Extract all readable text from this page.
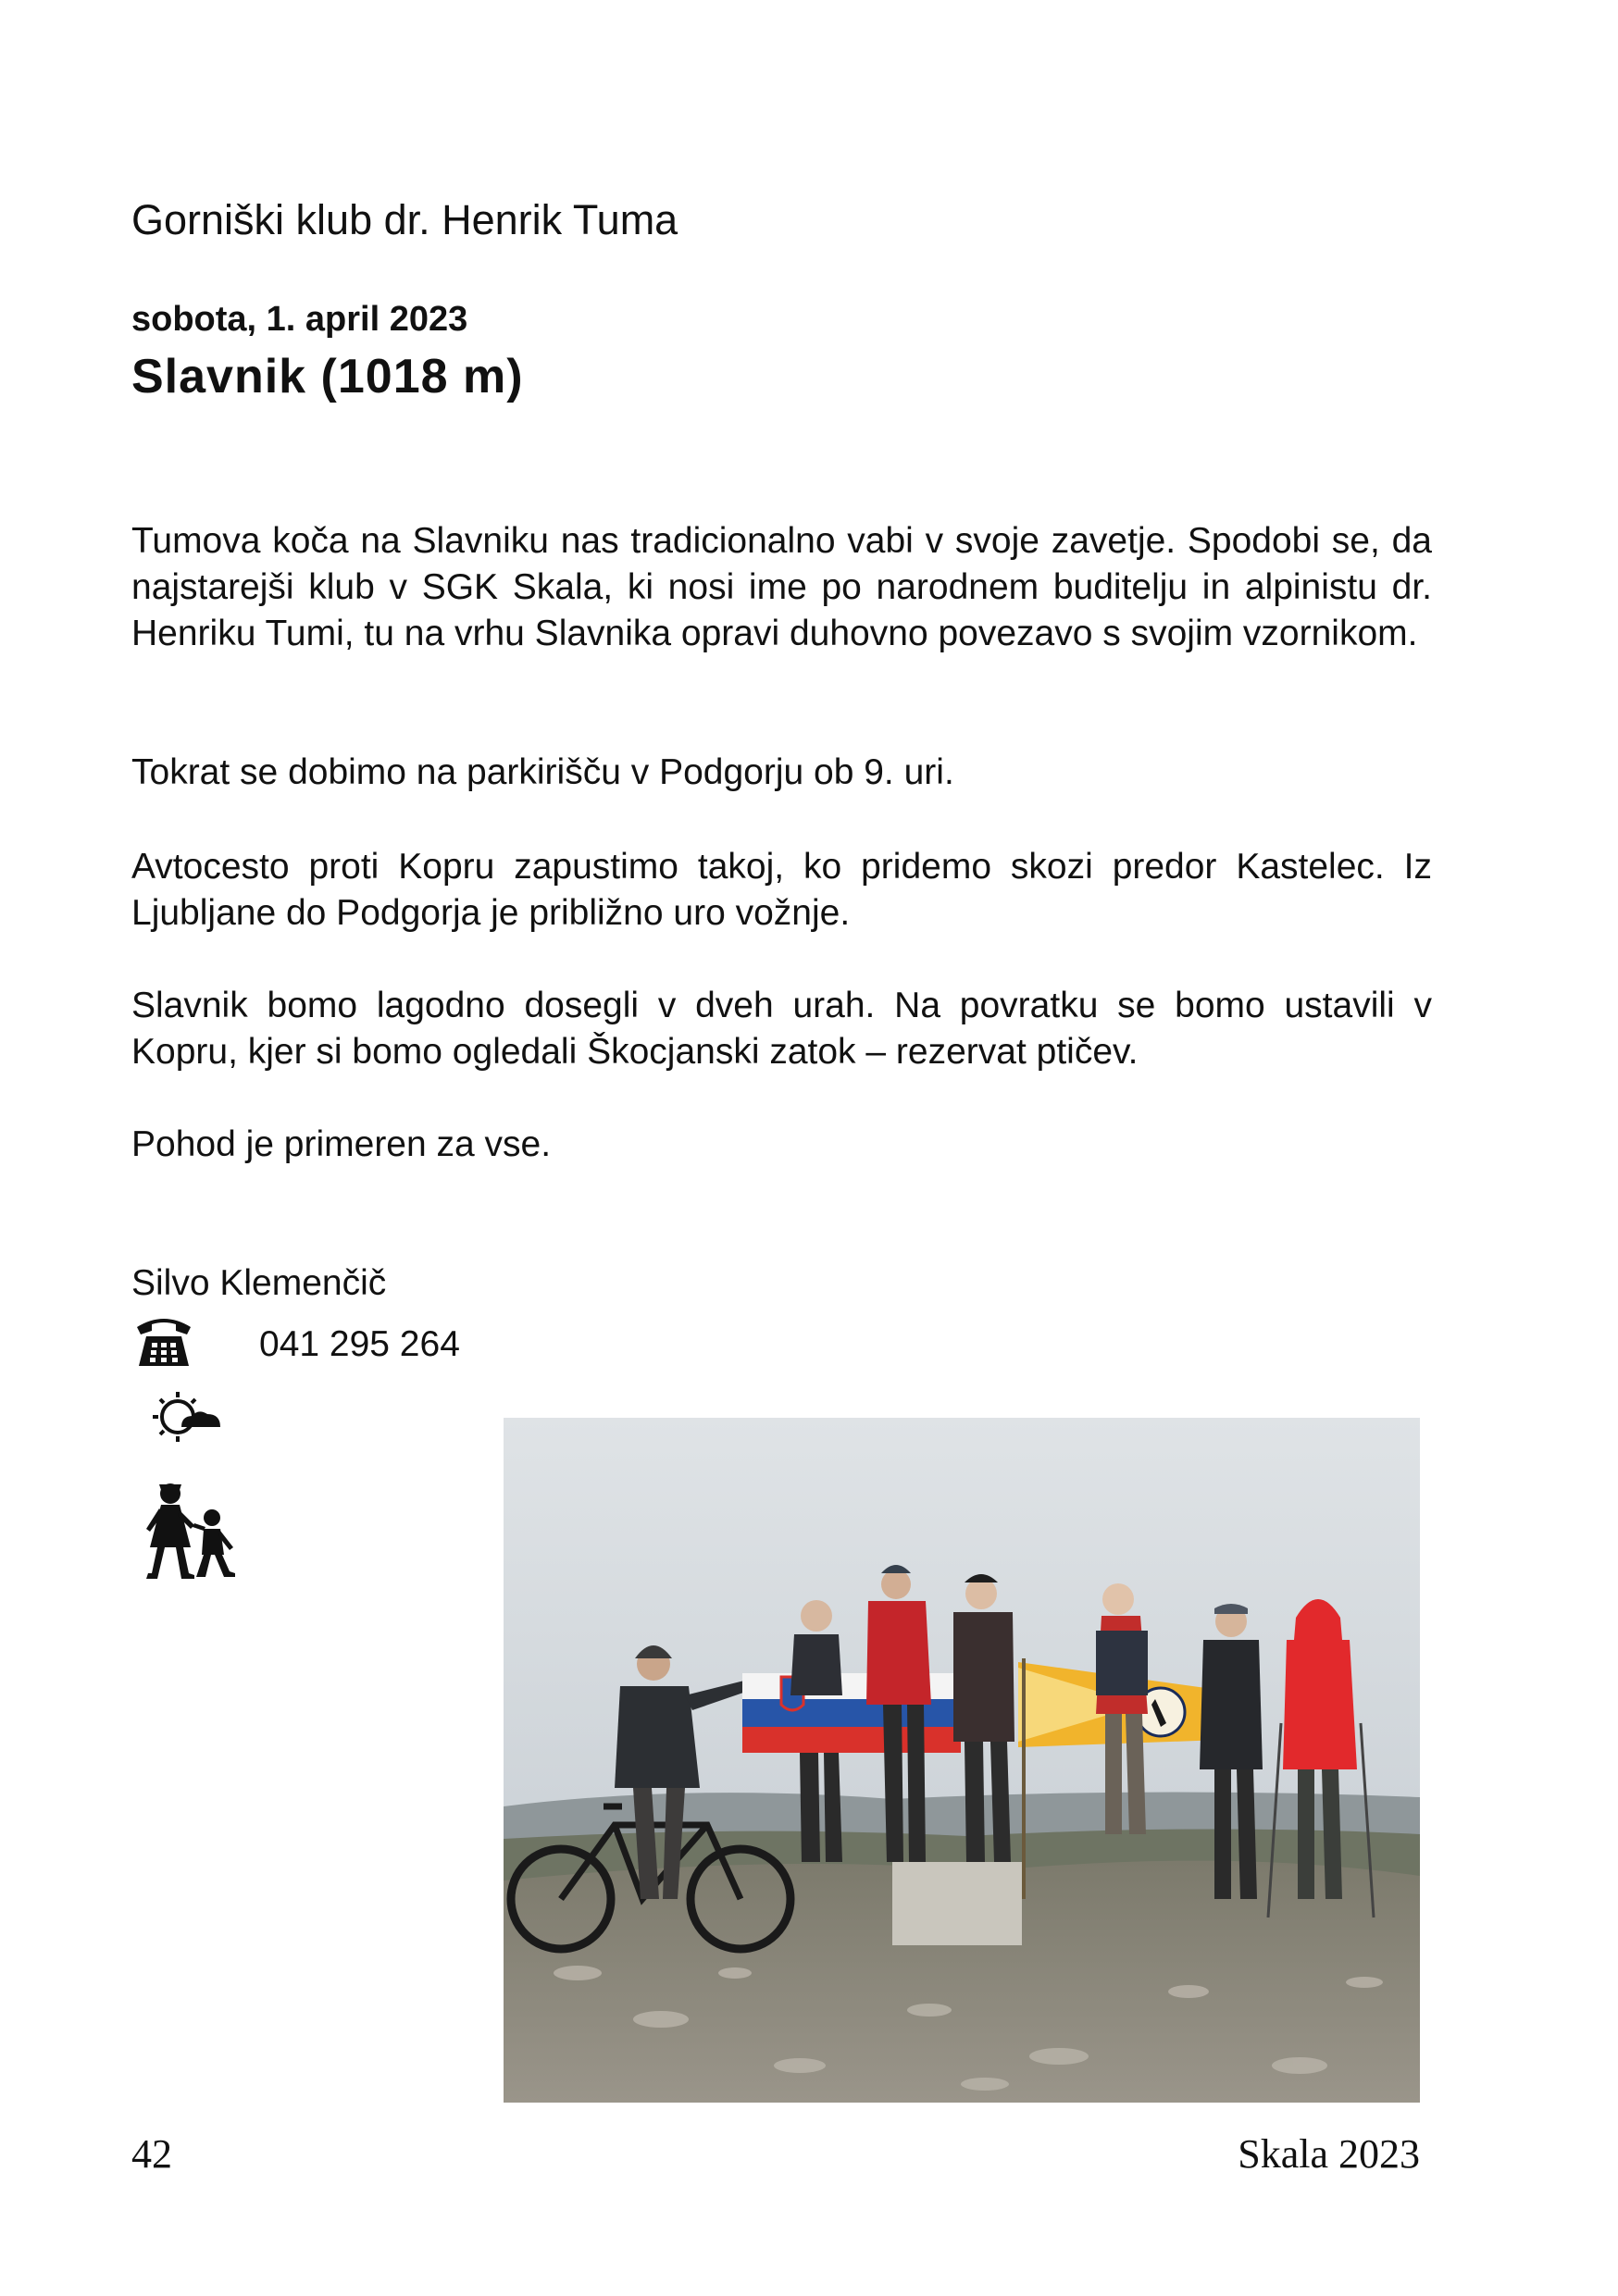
Gorniški klub dr. Henrik Tuma
sobota, 1. april 2023
Slavnik (1018 m)
Tumova koča na Slavniku nas tradicionalno vabi v svoje zavetje. Spodobi se, da najstarejši klub v SGK Skala, ki nosi ime po narodnem buditelju in alpinistu dr. Henriku Tumi, tu na vrhu Slavnika opravi duhovno povezavo s svojim vzornikom.
Tokrat se dobimo na parkirišču v Podgorju ob 9. uri.
Avtocesto proti Kopru zapustimo takoj, ko pridemo skozi predor Kastelec. Iz Ljubljane do Podgorja je približno uro vožnje.
Slavnik bomo lagodno dosegli v dveh urah. Na povratku se bomo ustavili v Kopru, kjer si bomo ogledali Škocjanski zatok – rezervat ptičev.
Pohod je primeren za vse.
Silvo Klemenčič
041 295 264
42	Skala 2023
